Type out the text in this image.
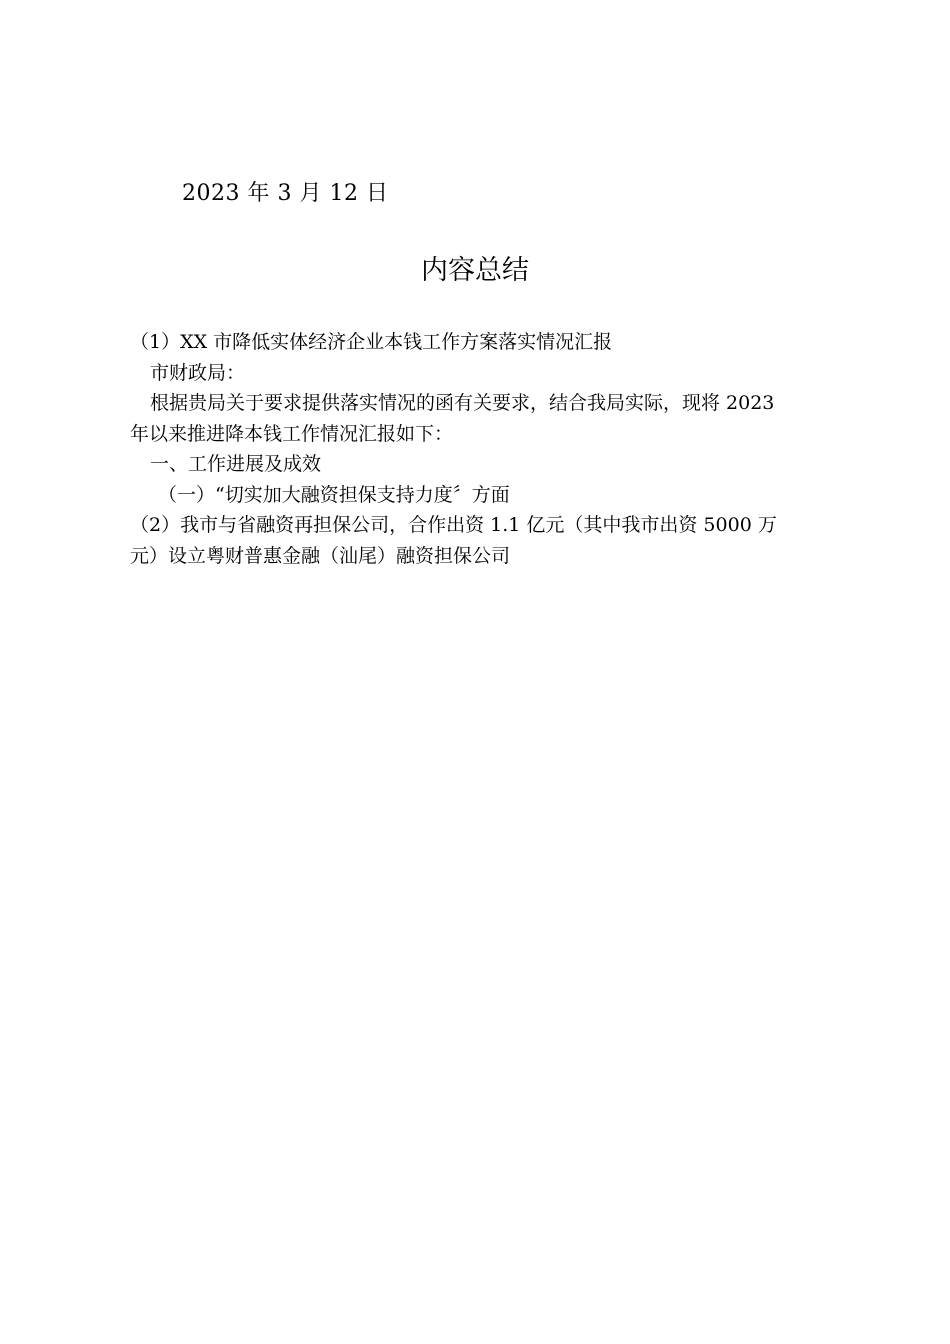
2023 年 3 月 12 日
内容总结
（1）XX 市降低实体经济企业本钱工作方案落实情况汇报
市财政局：
根据贵局关于要求提供落实情况的函有关要求，结合我局实际，现将 2023
年以来推进降本钱工作情况汇报如下：
一、工作进展及成效
（一）“切实加大融资担保支持力度〞方面
（2）我市与省融资再担保公司，合作出资 1.1 亿元（其中我市出资 5000 万
元）设立粤财普惠金融（汕尾）融资担保公司
